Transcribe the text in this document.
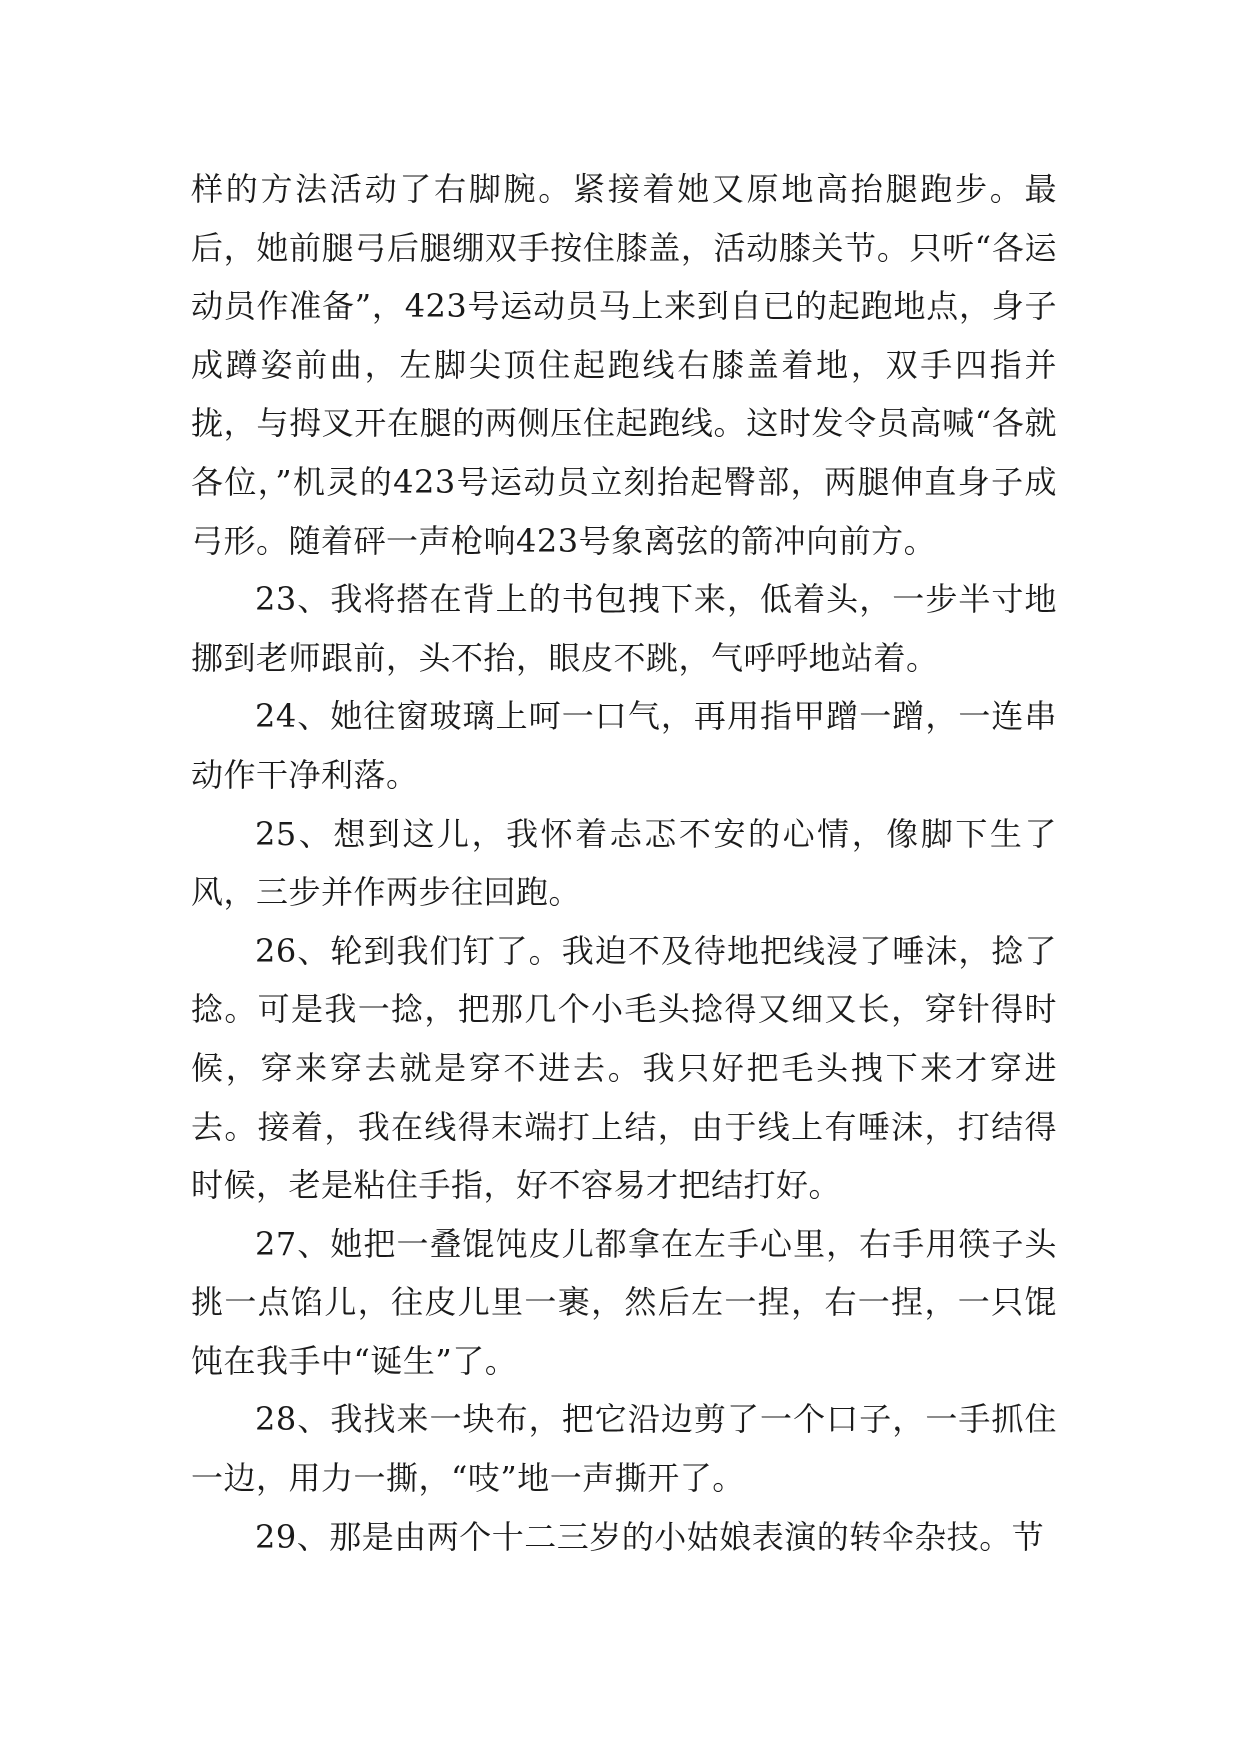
样的方法活动了右脚腕。紧接着她又原地高抬腿跑步。最后，她前腿弓后腿绷双手按住膝盖，活动膝关节。只听“各运动员作准备”，423号运动员马上来到自已的起跑地点，身子成蹲姿前曲，左脚尖顶住起跑线右膝盖着地，双手四指并拢，与拇叉开在腿的两侧压住起跑线。这时发令员高喊“各就各位，”机灵的423号运动员立刻抬起臀部，两腿伸直身子成弓形。随着砰一声枪响423号象离弦的箭冲向前方。

23、我将搭在背上的书包拽下来，低着头，一步半寸地挪到老师跟前，头不抬，眼皮不跳，气呼呼地站着。

24、她往窗玻璃上呵一口气，再用指甲蹭一蹭，一连串动作干净利落。

25、想到这儿，我怀着忐忑不安的心情，像脚下生了风，三步并作两步往回跑。

26、轮到我们钉了。我迫不及待地把线浸了唾沫，捻了捻。可是我一捻，把那几个小毛头捻得又细又长，穿针得时候，穿来穿去就是穿不进去。我只好把毛头拽下来才穿进去。接着，我在线得末端打上结，由于线上有唾沫，打结得时候，老是粘住手指，好不容易才把结打好。

27、她把一叠馄饨皮儿都拿在左手心里，右手用筷子头挑一点馅儿，往皮儿里一裹，然后左一捏，右一捏，一只馄饨在我手中“诞生”了。

28、我找来一块布，把它沿边剪了一个口子，一手抓住一边，用力一撕，“吱”地一声撕开了。

29、那是由两个十二三岁的小姑娘表演的转伞杂技。节
